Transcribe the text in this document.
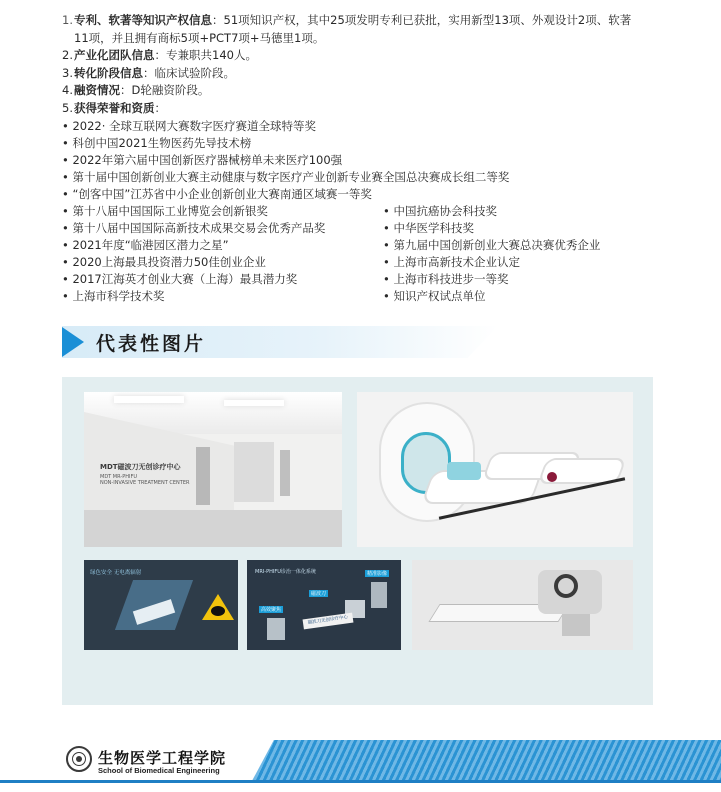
1. 专利、软著等知识产权信息：51项知识产权，其中25项发明专利已获批，实用新型13项、外观设计2项、软著
11项，并且拥有商标5项+PCT7项+马德里1项。
2. 产业化团队信息：专兼职共140人。
3. 转化阶段信息：临床试验阶段。
4. 融资情况：D轮融资阶段。
5. 获得荣誉和资质：
• 2022· 全球互联网大赛数字医疗赛道全球特等奖
• 科创中国2021生物医药先导技术榜
• 2022年第六届中国创新医疗器械榜单未来医疗100强
• 第十届中国创新创业大赛主动健康与数字医疗产业创新专业赛全国总决赛成长组二等奖
• “创客中国”江苏省中小企业创新创业大赛南通区域赛一等奖
• 第十八届中国国际工业博览会创新银奖
• 第十八届中国国际高新技术成果交易会优秀产品奖
• 2021年度“临港园区潜力之星”
• 2020上海最具投资潜力50佳创业企业
• 2017江海英才创业大赛（上海）最具潜力奖
• 上海市科学技术奖
• 中国抗癌协会科技奖
• 中华医学科技奖
• 第九届中国创新创业大赛总决赛优秀企业
• 上海市高新技术企业认定
• 上海市科技进步一等奖
• 知识产权试点单位
代表性图片
MDT磁波刀无创诊疗中心
MDT MR-PHIFU
NON-INVASIVE TREATMENT CENTER
绿色安全 无电离辐射	MRI-PHIFU诊治一体化系统
磁波刀
精准影像
高效聚焦
磁波刀无创诊疗中心
生物医学工程学院
School of Biomedical Engineering
